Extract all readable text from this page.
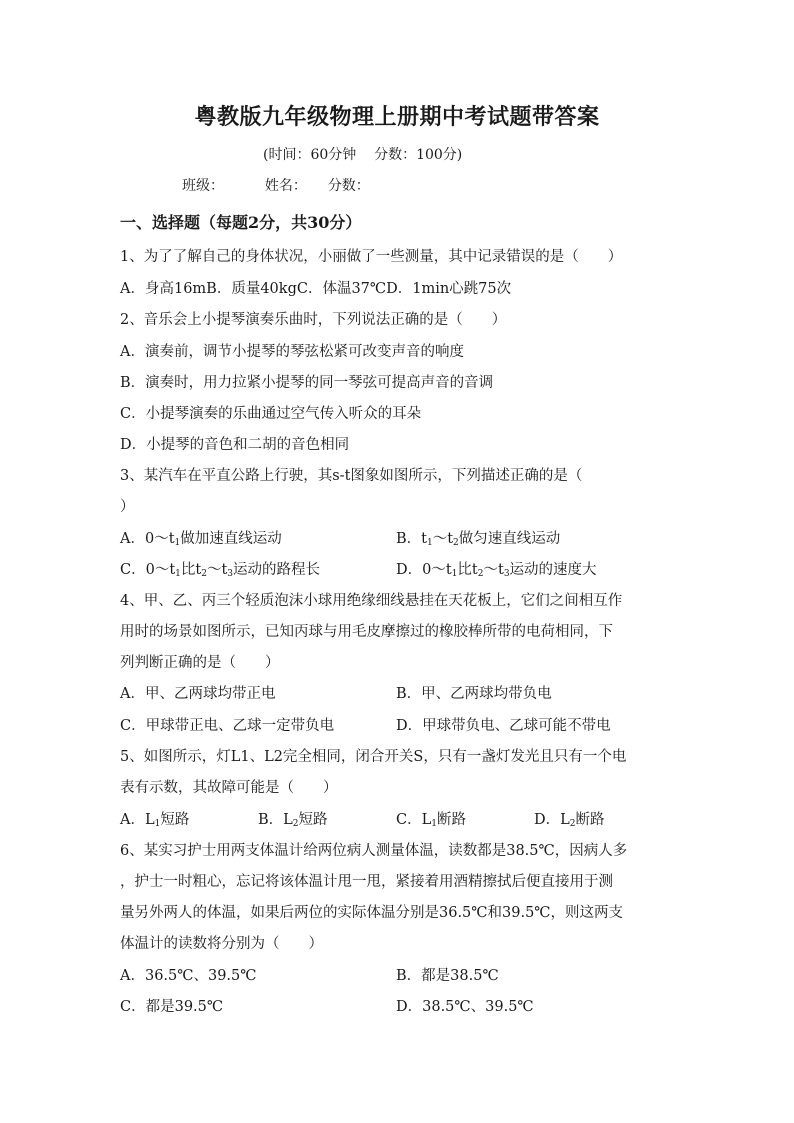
粤教版九年级物理上册期中考试题带答案
(时间：60分钟    分数：100分)
班级：	姓名： 分数：
一、选择题（每题2分，共30分）
1、为了了解自己的身体状况，小丽做了一些测量，其中记录错误的是（　　）
A．身高16mB．质量40kgC．体温37℃D．1min心跳75次
2、音乐会上小提琴演奏乐曲时，下列说法正确的是（　　）
A．演奏前，调节小提琴的琴弦松紧可改变声音的响度
B．演奏时，用力拉紧小提琴的同一琴弦可提高声音的音调
C．小提琴演奏的乐曲通过空气传入听众的耳朵
D．小提琴的音色和二胡的音色相同
3、某汽车在平直公路上行驶，其s-t图象如图所示，下列描述正确的是（
）
A．$0\sim t_1$做加速直线运动	B．$t_1\sim t_2$做匀速直线运动
C．$0\sim t_1$比$t_2\sim t_3$运动的路程长	D．$0\sim t_1$比$t_2\sim t_3$运动的速度大
4、甲、乙、丙三个轻质泡沫小球用绝缘细线悬挂在天花板上，它们之间相互作
用时的场景如图所示，已知丙球与用毛皮摩擦过的橡胶棒所带的电荷相同，下
列判断正确的是（　　）
A．甲、乙两球均带正电	B．甲、乙两球均带负电
C．甲球带正电、乙球一定带负电	D．甲球带负电、乙球可能不带电
5、如图所示，灯L1、L2完全相同，闭合开关S，只有一盏灯发光且只有一个电
表有示数，其故障可能是（　　）
A．$L_1$短路	B．$L_2$短路	C．$L_1$断路	D．$L_2$断路
6、某实习护士用两支体温计给两位病人测量体温，读数都是38.5℃，因病人多
，护士一时粗心，忘记将该体温计甩一甩，紧接着用酒精擦拭后便直接用于测
量另外两人的体温，如果后两位的实际体温分别是36.5℃和39.5℃，则这两支
体温计的读数将分别为（　　）
A．36.5℃、39.5℃	B．都是38.5℃
C．都是39.5℃	D．38.5℃、39.5℃
